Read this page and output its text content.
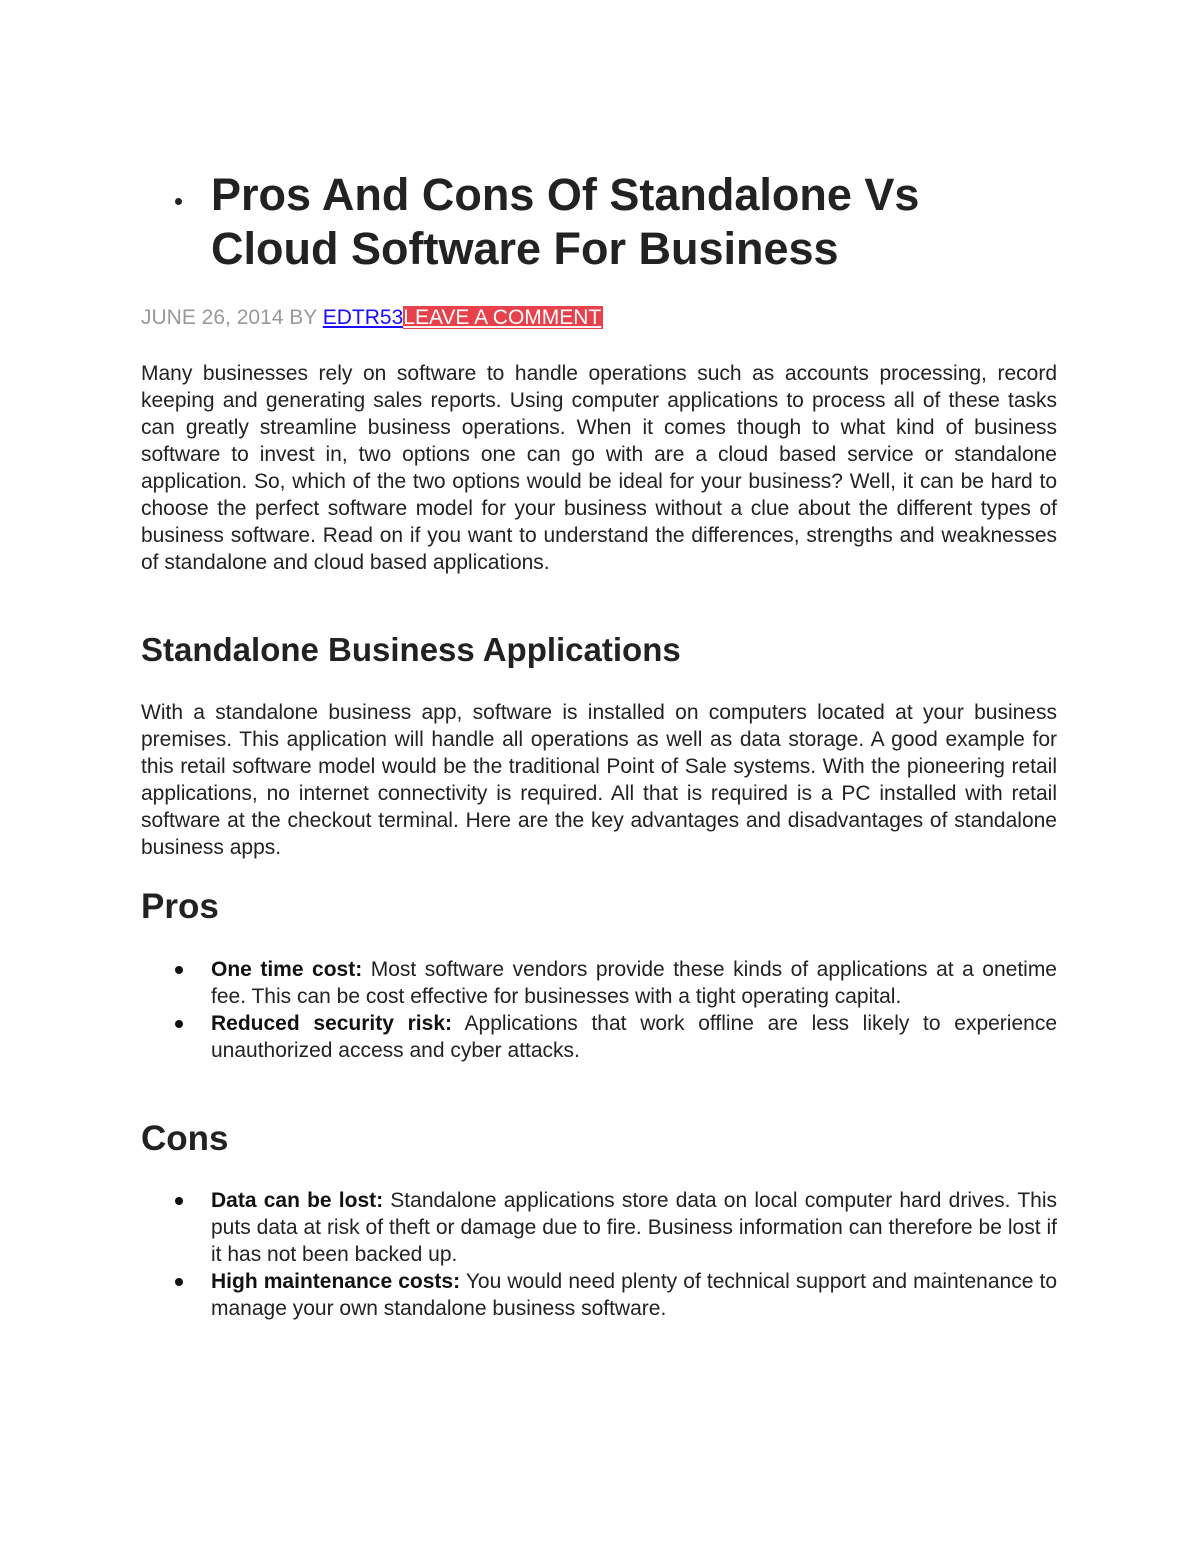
Pros And Cons Of Standalone Vs Cloud Software For Business
JUNE 26, 2014 BY EDTR53LEAVE A COMMENT

Many businesses rely on software to handle operations such as accounts processing, record keeping and generating sales reports. Using computer applications to process all of these tasks can greatly streamline business operations. When it comes though to what kind of business software to invest in, two options one can go with are a cloud based service or standalone application. So, which of the two options would be ideal for your business? Well, it can be hard to choose the perfect software model for your business without a clue about the different types of business software. Read on if you want to understand the differences, strengths and weaknesses of standalone and cloud based applications.

Standalone Business Applications

With a standalone business app, software is installed on computers located at your business premises. This application will handle all operations as well as data storage. A good example for this retail software model would be the traditional Point of Sale systems. With the pioneering retail applications, no internet connectivity is required. All that is required is a PC installed with retail software at the checkout terminal. Here are the key advantages and disadvantages of standalone business apps.

Pros
One time cost: Most software vendors provide these kinds of applications at a onetime fee. This can be cost effective for businesses with a tight operating capital.
Reduced security risk: Applications that work offline are less likely to experience unauthorized access and cyber attacks.
Cons
Data can be lost: Standalone applications store data on local computer hard drives. This puts data at risk of theft or damage due to fire. Business information can therefore be lost if it has not been backed up.
High maintenance costs: You would need plenty of technical support and maintenance to manage your own standalone business software.
